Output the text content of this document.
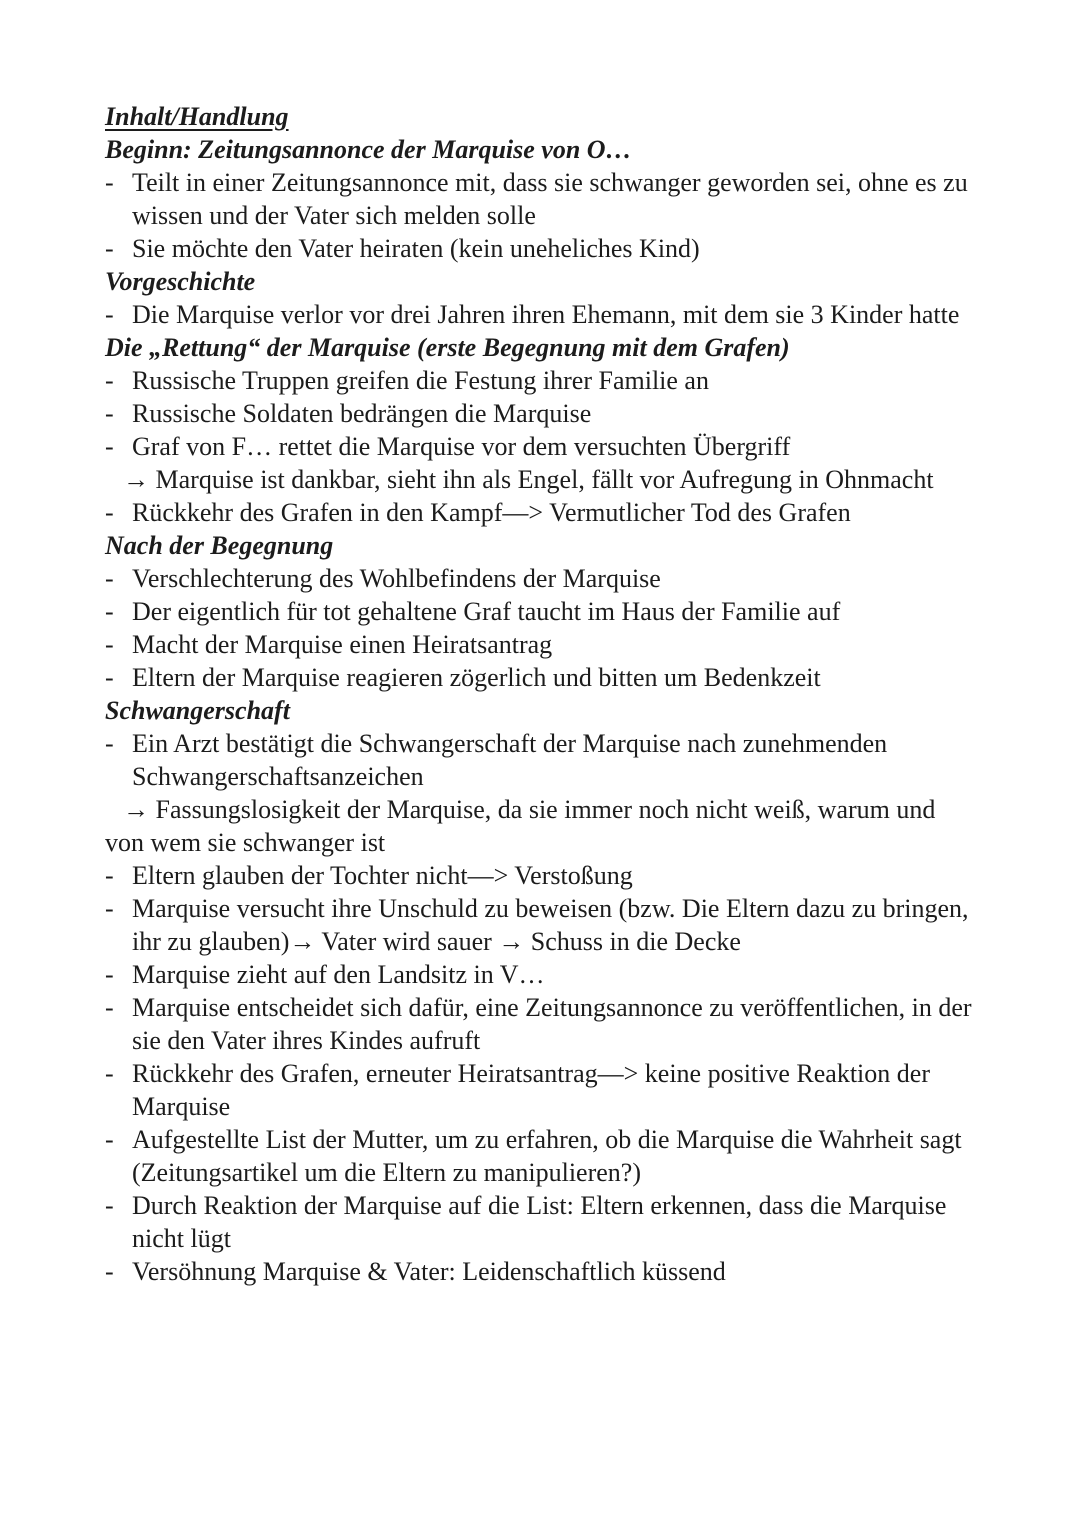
Inhalt/Handlung
Beginn: Zeitungsannonce der Marquise von O…
- Teilt in einer Zeitungsannonce mit, dass sie schwanger geworden sei, ohne es zu wissen und der Vater sich melden solle
- Sie möchte den Vater heiraten (kein uneheliches Kind)
Vorgeschichte
- Die Marquise verlor vor drei Jahren ihren Ehemann, mit dem sie 3 Kinder hatte
Die „Rettung“ der Marquise (erste Begegnung mit dem Grafen)
- Russische Truppen greifen die Festung ihrer Familie an
- Russische Soldaten bedrängen die Marquise
- Graf von F… rettet die Marquise vor dem versuchten Übergriff
→ Marquise ist dankbar, sieht ihn als Engel, fällt vor Aufregung in Ohnmacht
- Rückkehr des Grafen in den Kampf—> Vermutlicher Tod des Grafen
Nach der Begegnung
- Verschlechterung des Wohlbefindens der Marquise
- Der eigentlich für tot gehaltene Graf taucht im Haus der Familie auf
- Macht der Marquise einen Heiratsantrag
- Eltern der Marquise reagieren zögerlich und bitten um Bedenkzeit
Schwangerschaft
- Ein Arzt bestätigt die Schwangerschaft der Marquise nach zunehmenden Schwangerschaftsanzeichen
→ Fassungslosigkeit der Marquise, da sie immer noch nicht weiß, warum und von wem sie schwanger ist
- Eltern glauben der Tochter nicht—> Verstoßung
- Marquise versucht ihre Unschuld zu beweisen (bzw. Die Eltern dazu zu bringen, ihr zu glauben)→ Vater wird sauer → Schuss in die Decke
- Marquise zieht auf den Landsitz in V…
- Marquise entscheidet sich dafür, eine Zeitungsannonce zu veröffentlichen, in der sie den Vater ihres Kindes aufruft
- Rückkehr des Grafen, erneuter Heiratsantrag—> keine positive Reaktion der Marquise
- Aufgestellte List der Mutter, um zu erfahren, ob die Marquise die Wahrheit sagt (Zeitungsartikel um die Eltern zu manipulieren?)
- Durch Reaktion der Marquise auf die List: Eltern erkennen, dass die Marquise nicht lügt
- Versöhnung Marquise & Vater: Leidenschaftlich küssend
